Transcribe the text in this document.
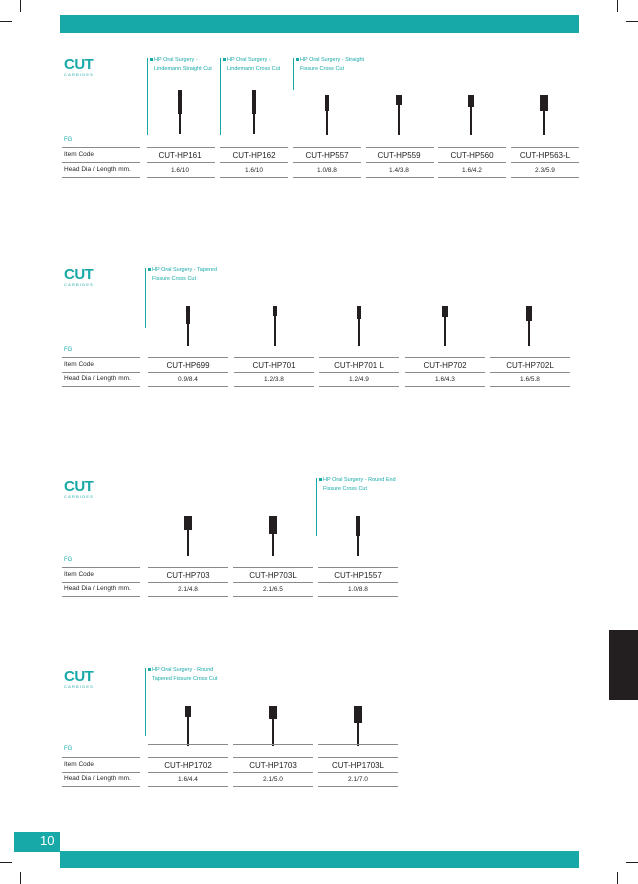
CUT
CARBIDES
HP Oral Surgery - Lindemann Straight Cut
HP Oral Surgery - Lindemann Cross Cut
HP Oral Surgery - Straight Fissure Cross Cut
FG
Item Code
Head Dia / Length mm.
CUT-HP161
1.6/10
CUT-HP162
1.6/10
CUT-HP557
1.0/8.8
CUT-HP559
1.4/3.8
CUT-HP560
1.6/4.2
CUT-HP563-L
2.3/5.9
CUT
CARBIDES
HP Oral Surgery - Tapered Fissure Cross Cut
FG
Item Code
Head Dia / Length mm.
CUT-HP699
0.9/8.4
CUT-HP701
1.2/3.8
CUT-HP701 L
1.2/4.9
CUT-HP702
1.6/4.3
CUT-HP702L
1.6/5.8
CUT
CARBIDES
HP Oral Surgery - Round End Fissure Cross Cut
FG
Item Code
Head Dia / Length mm.
CUT-HP703
2.1/4.8
CUT-HP703L
2.1/6.5
CUT-HP1557
1.0/8.8
CUT
CARBIDES
HP Oral Surgery - Round Tapered Fissure Cross Cut
FG
Item Code
Head Dia / Length mm.
CUT-HP1702
1.6/4.4
CUT-HP1703
2.1/5.0
CUT-HP1703L
2.1/7.0
10
